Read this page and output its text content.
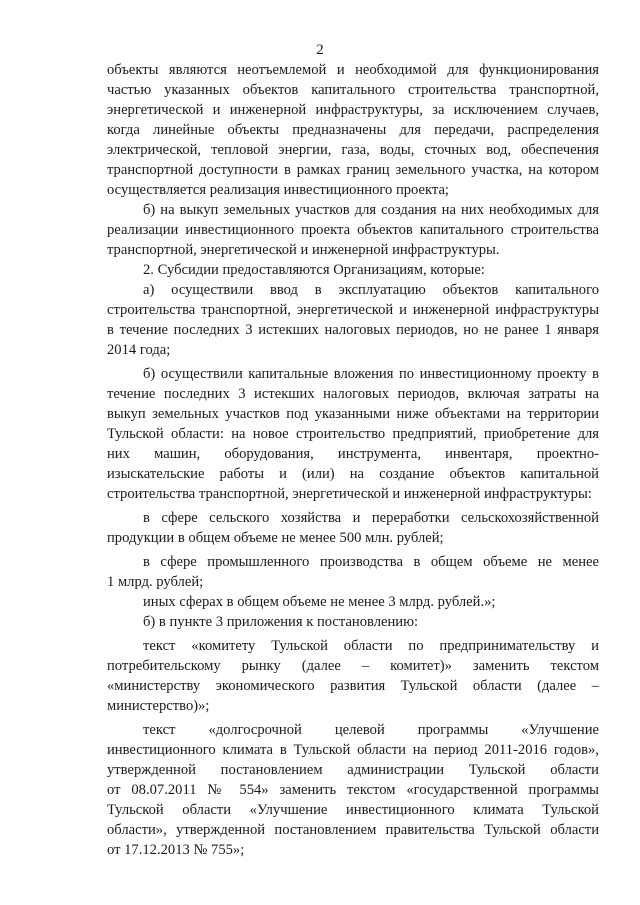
2
объекты являются неотъемлемой и необходимой для функционирования
частью указанных объектов капитального строительства транспортной,
энергетической и инженерной инфраструктуры, за исключением случаев,
когда линейные объекты предназначены для передачи, распределения
электрической, тепловой энергии, газа, воды, сточных вод, обеспечения
транспортной доступности в рамках границ земельного участка, на котором
осуществляется реализация инвестиционного проекта;
б) на выкуп земельных участков для создания на них необходимых для
реализации инвестиционного проекта объектов капитального строительства
транспортной, энергетической и инженерной инфраструктуры.
2. Субсидии предоставляются Организациям, которые:
а) осуществили ввод в эксплуатацию объектов капитального
строительства транспортной, энергетической и инженерной инфраструктуры
в течение последних 3 истекших налоговых периодов, но не ранее 1 января
2014 года;
б) осуществили капитальные вложения по инвестиционному проекту в
течение последних 3 истекших налоговых периодов, включая затраты на
выкуп земельных участков под указанными ниже объектами на территории
Тульской области: на новое строительство предприятий, приобретение для
них машин, оборудования, инструмента, инвентаря, проектно-
изыскательские работы и (или) на создание объектов капитальной
строительства транспортной, энергетической и инженерной инфраструктуры:
в сфере сельского хозяйства и переработки сельскохозяйственной
продукции в общем объеме не менее 500 млн. рублей;
в сфере промышленного производства в общем объеме не менее
1 млрд. рублей;
иных сферах в общем объеме не менее 3 млрд. рублей.»;
б) в пункте 3 приложения к постановлению:
текст «комитету Тульской области по предпринимательству и
потребительскому рынку (далее – комитет)» заменить текстом
«министерству экономического развития Тульской области (далее –
министерство)»;
текст «долгосрочной целевой программы «Улучшение
инвестиционного климата в Тульской области на период 2011-2016 годов»,
утвержденной постановлением администрации Тульской области
от 08.07.2011 № 554» заменить текстом «государственной программы
Тульской области «Улучшение инвестиционного климата Тульской
области», утвержденной постановлением правительства Тульской области
от 17.12.2013 № 755»;
